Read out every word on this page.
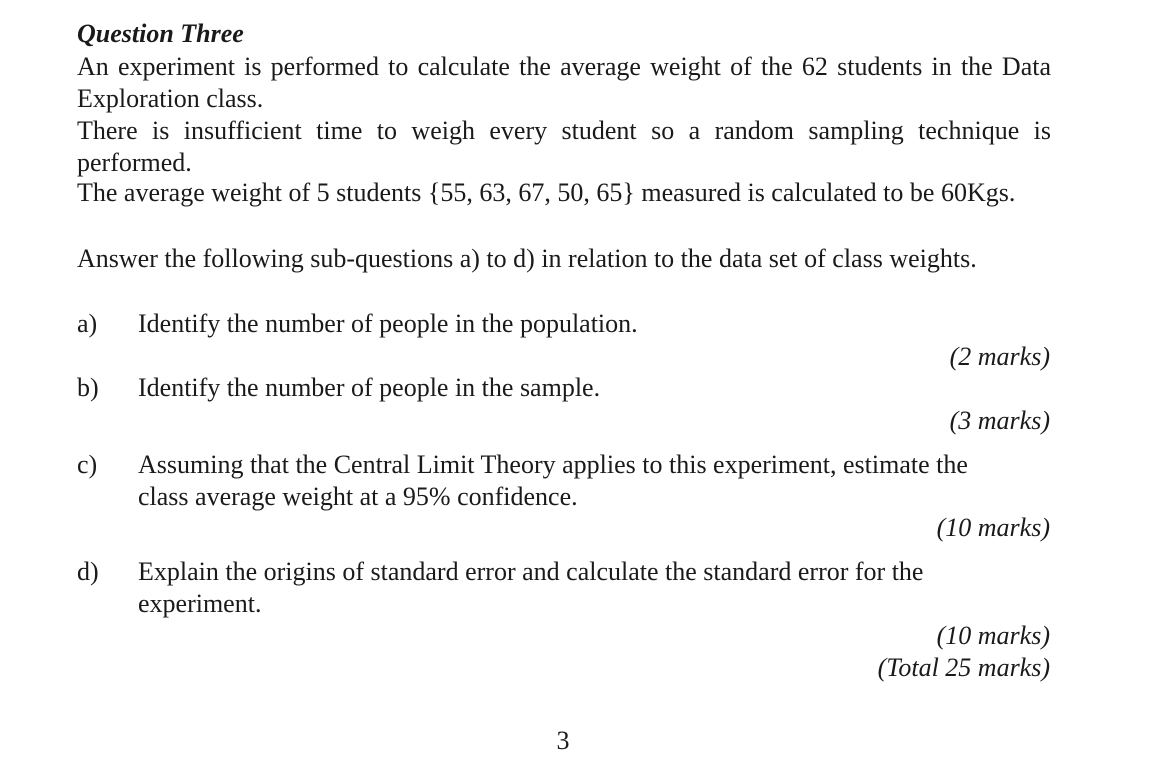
Question Three
An experiment is performed to calculate the average weight of the 62 students in the Data Exploration class.
There is insufficient time to weigh every student so a random sampling technique is performed.
The average weight of 5 students {55, 63, 67, 50, 65} measured is calculated to be 60Kgs.
Answer the following sub-questions a) to d) in relation to the data set of class weights.
a) Identify the number of people in the population.
(2 marks)
b) Identify the number of people in the sample.
(3 marks)
c) Assuming that the Central Limit Theory applies to this experiment, estimate the class average weight at a 95% confidence.
(10 marks)
d) Explain the origins of standard error and calculate the standard error for the experiment.
(10 marks)
(Total 25 marks)
3
